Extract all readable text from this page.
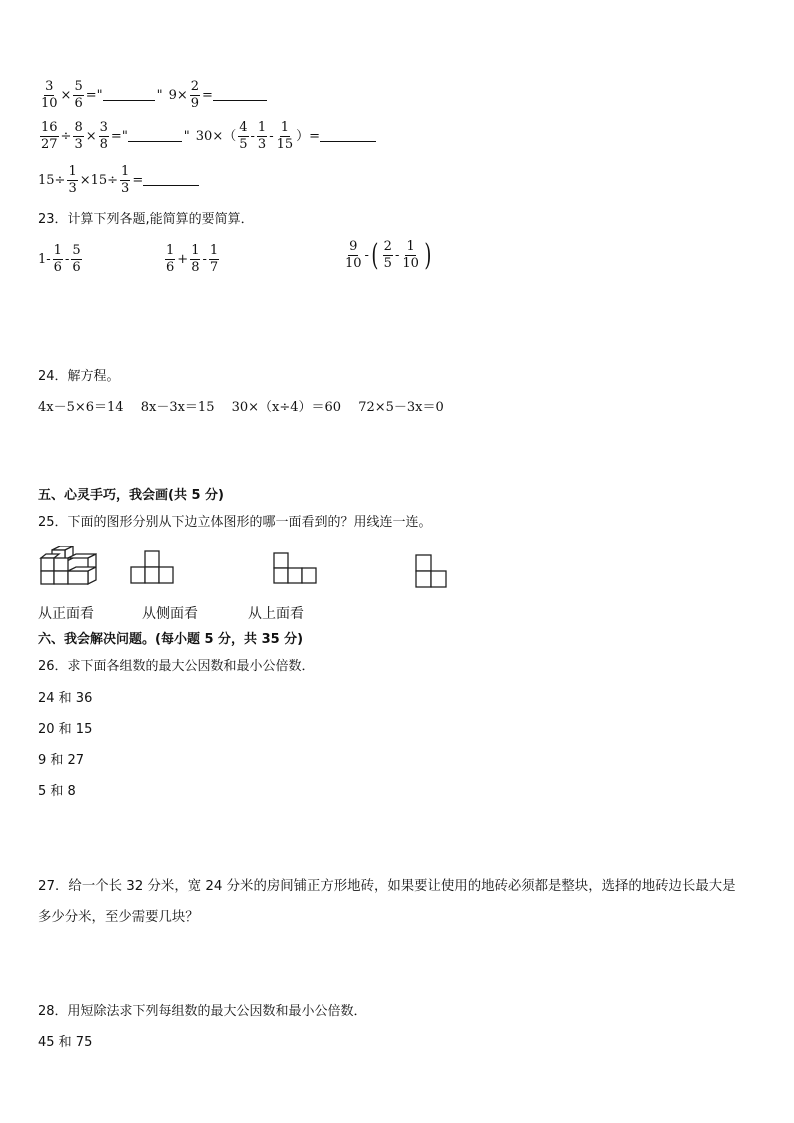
$\frac{3}{10} \times \frac{5}{6}$ ="	" $9\times \frac{2}{9}$ =
$\frac{16}{27} \div \frac{8}{3} \times \frac{3}{8}$ ="	" $30\times( \frac{4}{5} - \frac{1}{3} - \frac{1}{15}$ ）=
$15\div \frac{1}{3} \times 15\div \frac{1}{3}$ =
23．计算下列各题,能简算的要简算．
$1- \frac{1}{6} - \frac{5}{6}$	$\frac{1}{6} + \frac{1}{8} - \frac{1}{7}$	$\frac{9}{10}$ - ( $\frac{2}{5} - \frac{1}{10}$ )
24．解方程。
4x－5×6＝14　 8x－3x＝15　 30×（x÷4）＝60　 72×5－3x＝0
五、心灵手巧，我会画(共 5 分)
25．下面的图形分别从下边立体图形的哪一面看到的？用线连一连。
从正面看	从侧面看	从上面看
六、我会解决问题。(每小题 5 分，共 35 分)
26．求下面各组数的最大公因数和最小公倍数．
24 和 36
20 和 15
9 和 27
5 和 8
27．给一个长 32 分米，宽 24 分米的房间铺正方形地砖，如果要让使用的地砖必须都是整块，选择的地砖边长最大是
多少分米，至少需要几块？
28．用短除法求下列每组数的最大公因数和最小公倍数．
45 和 75
